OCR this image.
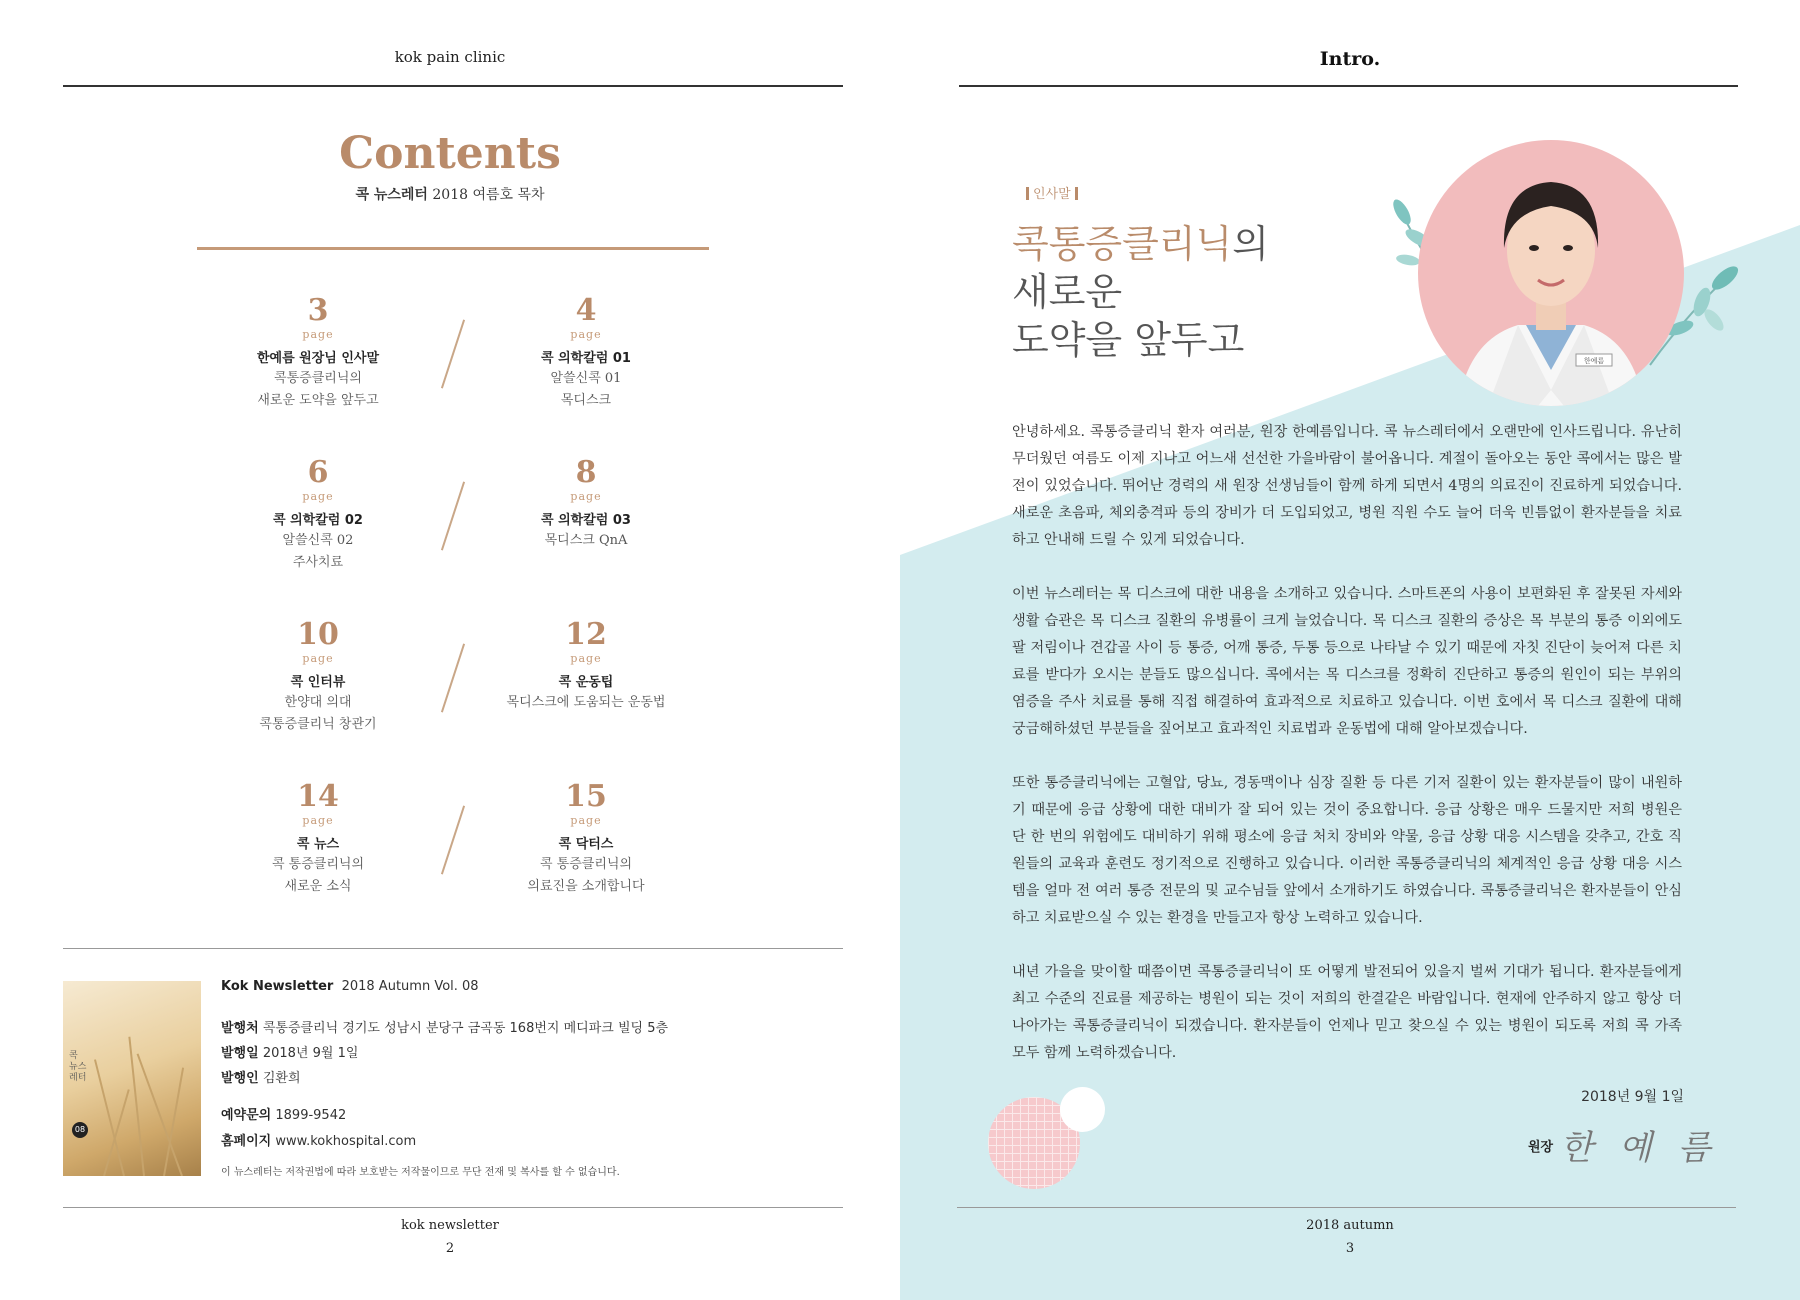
kok pain clinic
Contents
콕 뉴스레터 2018 여름호 목차
3
page
한예름 원장님 인사말
콕통증클리닉의
새로운 도약을 앞두고
4
page
콕 의학칼럼 01
알쓸신콕 01
목디스크
6
page
콕 의학칼럼 02
알쓸신콕 02
주사치료
8
page
콕 의학칼럼 03
목디스크 QnA
10
page
콕 인터뷰
한양대 의대
콕통증클리닉 창관기
12
page
콕 운동팁
목디스크에 도움되는 운동법
14
page
콕 뉴스
콕 통증클리닉의
새로운 소식
15
page
콕 닥터스
콕 통증클리닉의
의료진을 소개합니다
콕
뉴스
레터
08
Kok Newsletter 2018 Autumn Vol. 08
발행처 콕통증클리닉 경기도 성남시 분당구 금곡동 168번지 메디파크 빌딩 5층
발행일 2018년 9월 1일
발행인 김환희
예약문의 1899-9542
홈페이지 www.kokhospital.com
이 뉴스레터는 저작권법에 따라 보호받는 저작물이므로 무단 전재 및 복사를 할 수 없습니다.
kok newsletter
2
Intro.
인사말
콕통증클리닉의
새로운
도약을 앞두고	한예름

안녕하세요. 콕통증클리닉 환자 여러분, 원장 한예름입니다. 콕 뉴스레터에서 오랜만에 인사드립니다. 유난히 무더웠던 여름도 이제 지나고 어느새 선선한 가을바람이 불어옵니다. 계절이 돌아오는 동안 콕에서는 많은 발전이 있었습니다. 뛰어난 경력의 새 원장 선생님들이 함께 하게 되면서 4명의 의료진이 진료하게 되었습니다. 새로운 초음파, 체외충격파 등의 장비가 더 도입되었고, 병원 직원 수도 늘어 더욱 빈틈없이 환자분들을 치료하고 안내해 드릴 수 있게 되었습니다.

이번 뉴스레터는 목 디스크에 대한 내용을 소개하고 있습니다. 스마트폰의 사용이 보편화된 후 잘못된 자세와 생활 습관은 목 디스크 질환의 유병률이 크게 늘었습니다. 목 디스크 질환의 증상은 목 부분의 통증 이외에도 팔 저림이나 견갑골 사이 등 통증, 어깨 통증, 두통 등으로 나타날 수 있기 때문에 자칫 진단이 늦어져 다른 치료를 받다가 오시는 분들도 많으십니다. 콕에서는 목 디스크를 정확히 진단하고 통증의 원인이 되는 부위의 염증을 주사 치료를 통해 직접 해결하여 효과적으로 치료하고 있습니다. 이번 호에서 목 디스크 질환에 대해 궁금해하셨던 부분들을 짚어보고 효과적인 치료법과 운동법에 대해 알아보겠습니다.

또한 통증클리닉에는 고혈압, 당뇨, 경동맥이나 심장 질환 등 다른 기저 질환이 있는 환자분들이 많이 내원하기 때문에 응급 상황에 대한 대비가 잘 되어 있는 것이 중요합니다. 응급 상황은 매우 드물지만 저희 병원은 단 한 번의 위험에도 대비하기 위해 평소에 응급 처치 장비와 약물, 응급 상황 대응 시스템을 갖추고, 간호 직원들의 교육과 훈련도 정기적으로 진행하고 있습니다. 이러한 콕통증클리닉의 체계적인 응급 상황 대응 시스템을 얼마 전 여러 통증 전문의 및 교수님들 앞에서 소개하기도 하였습니다. 콕통증클리닉은 환자분들이 안심하고 치료받으실 수 있는 환경을 만들고자 항상 노력하고 있습니다.

내년 가을을 맞이할 때쯤이면 콕통증클리닉이 또 어떻게 발전되어 있을지 벌써 기대가 됩니다. 환자분들에게 최고 수준의 진료를 제공하는 병원이 되는 것이 저희의 한결같은 바람입니다. 현재에 안주하지 않고 항상 더 나아가는 콕통증클리닉이 되겠습니다. 환자분들이 언제나 믿고 찾으실 수 있는 병원이 되도록 저희 콕 가족 모두 함께 노력하겠습니다.

2018년 9월 1일
원장 한예름
2018 autumn
3
